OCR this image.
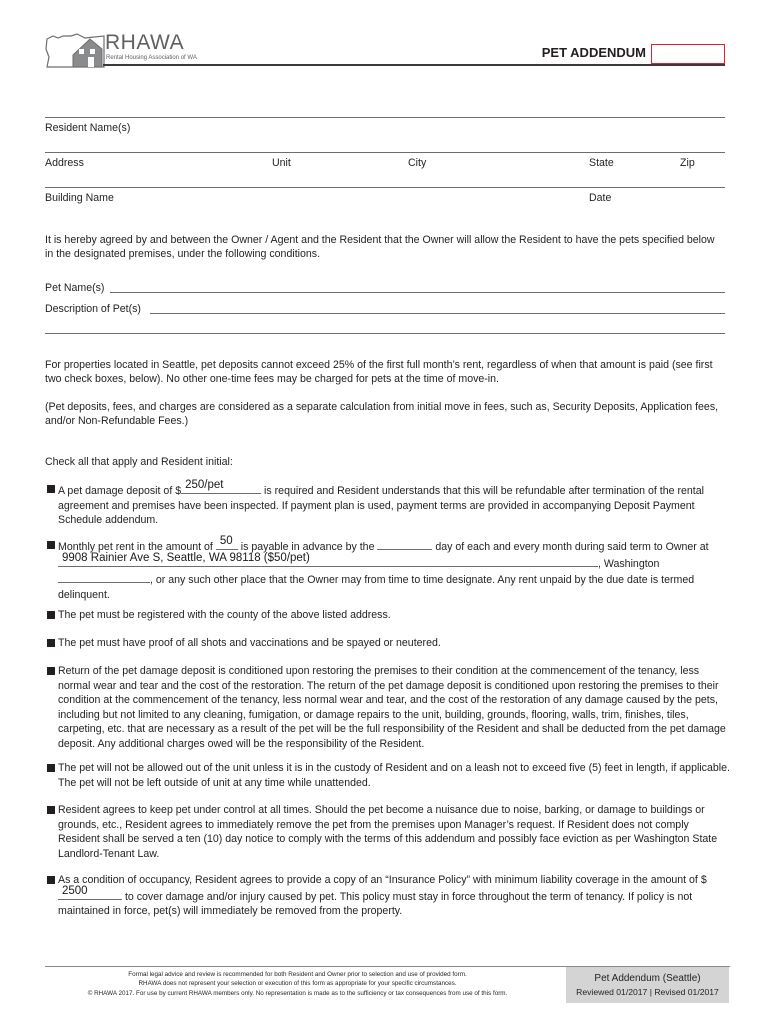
RHAWA
Rental Housing Association of WA	PET ADDENDUM
Resident Name(s)
Address	Unit	City	State	Zip
Building Name	Date
It is hereby agreed by and between the Owner / Agent and the Resident that the Owner will allow the Resident to have the pets specified below in the designated premises, under the following conditions.
Pet Name(s)
Description of Pet(s)
For properties located in Seattle, pet deposits cannot exceed 25% of the first full month’s rent, regardless of when that amount is paid (see first two check boxes, below). No other one-time fees may be charged for pets at the time of move-in.
(Pet deposits, fees, and charges are considered as a separate calculation from initial move in fees, such as, Security Deposits, Application fees, and/or Non-Refundable Fees.)
Check all that apply and Resident initial:
A pet damage deposit of $ 250/pet	is required and Resident understands that this will be refundable after termination of the rental agreement and premises have been inspected. If payment plan is used, payment terms are provided in accompanying Deposit Payment Schedule addendum.
Monthly pet rent in the amount of 50 is payable in advance by the	day of each and every month during said term to Owner at
9908 Rainier Ave S, Seattle, WA 98118 ($50/pet)	, Washington
, or any such other place that the Owner may from time to time designate. Any rent unpaid by the due date is termed delinquent.
The pet must be registered with the county of the above listed address.
The pet must have proof of all shots and vaccinations and be spayed or neutered.
Return of the pet damage deposit is conditioned upon restoring the premises to their condition at the commencement of the tenancy, less normal wear and tear and the cost of the restoration. The return of the pet damage deposit is conditioned upon restoring the premises to their condition at the commencement of the tenancy, less normal wear and tear, and the cost of the restoration of any damage caused by the pets, including but not limited to any cleaning, fumigation, or damage repairs to the unit, building, grounds, flooring, walls, trim, finishes, tiles, carpeting, etc. that are necessary as a result of the pet will be the full responsibility of the Resident and shall be deducted from the pet damage deposit. Any additional charges owed will be the responsibility of the Resident.
The pet will not be allowed out of the unit unless it is in the custody of Resident and on a leash not to exceed five (5) feet in length, if applicable. The pet will not be left outside of unit at any time while unattended.
Resident agrees to keep pet under control at all times. Should the pet become a nuisance due to noise, barking, or damage to buildings or grounds, etc., Resident agrees to immediately remove the pet from the premises upon Manager’s request. If Resident does not comply Resident shall be served a ten (10) day notice to comply with the terms of this addendum and possibly face eviction as per Washington State Landlord-Tenant Law.
As a condition of occupancy, Resident agrees to provide a copy of an “Insurance Policy” with minimum liability coverage in the amount of $
2500	to cover damage and/or injury caused by pet. This policy must stay in force throughout the term of tenancy. If policy is not maintained in force, pet(s) will immediately be removed from the property.
Formal legal advice and review is recommended for both Resident and Owner prior to selection and use of provided form.
RHAWA does not represent your selection or execution of this form as appropriate for your specific circumstances.
© RHAWA 2017. For use by current RHAWA members only. No representation is made as to the sufficiency or tax consequences from use of this form.
Pet Addendum (Seattle)
Reviewed 01/2017 | Revised 01/2017
